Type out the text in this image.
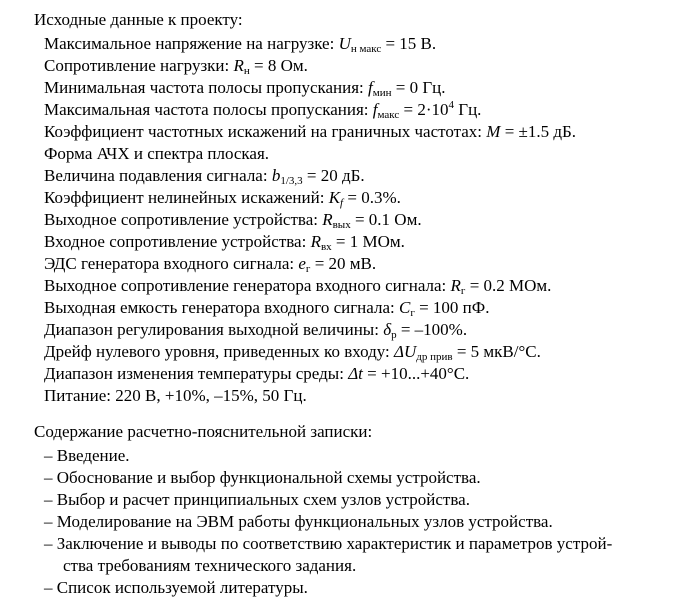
Исходные данные к проекту:
Максимальное напряжение на нагрузке: $U_{н макс} = 15$ В.
Сопротивление нагрузки: $R_н = 8$ Ом.
Минимальная частота полосы пропускания: $f_{мин} = 0$ Гц.
Максимальная частота полосы пропускания: $f_{макс} = 2\cdot 10^4$ Гц.
Коэффициент частотных искажений на граничных частотах: M = ±1.5 дБ.
Форма АЧХ и спектра плоская.
Величина подавления сигнала: $b_{1/3,3} = 20$ дБ.
Коэффициент нелинейных искажений: $K_f = 0.3\%$.
Выходное сопротивление устройства: $R_{вых} = 0.1$ Ом.
Входное сопротивление устройства: $R_{вх} = 1$ МОм.
ЭДС генератора входного сигнала: $e_г = 20$ мВ.
Выходное сопротивление генератора входного сигнала: $R_г = 0.2$ МОм.
Выходная емкость генератора входного сигнала: $C_г = 100$ пФ.
Диапазон регулирования выходной величины: $\delta_р = -100\%$.
Дрейф нулевого уровня, приведенных ко входу: $\Delta U_{др прив} = 5$ мкВ/°С.
Диапазон изменения температуры среды: Δt = +10...+40°С.
Питание: 220 В, +10%, –15%, 50 Гц.
Содержание расчетно-пояснительной записки:
– Введение.
– Обоснование и выбор функциональной схемы устройства.
– Выбор и расчет принципиальных схем узлов устройства.
– Моделирование на ЭВМ работы функциональных узлов устройства.
– Заключение и выводы по соответствию характеристик и параметров устрой-
ства требованиям технического задания.
– Список используемой литературы.
